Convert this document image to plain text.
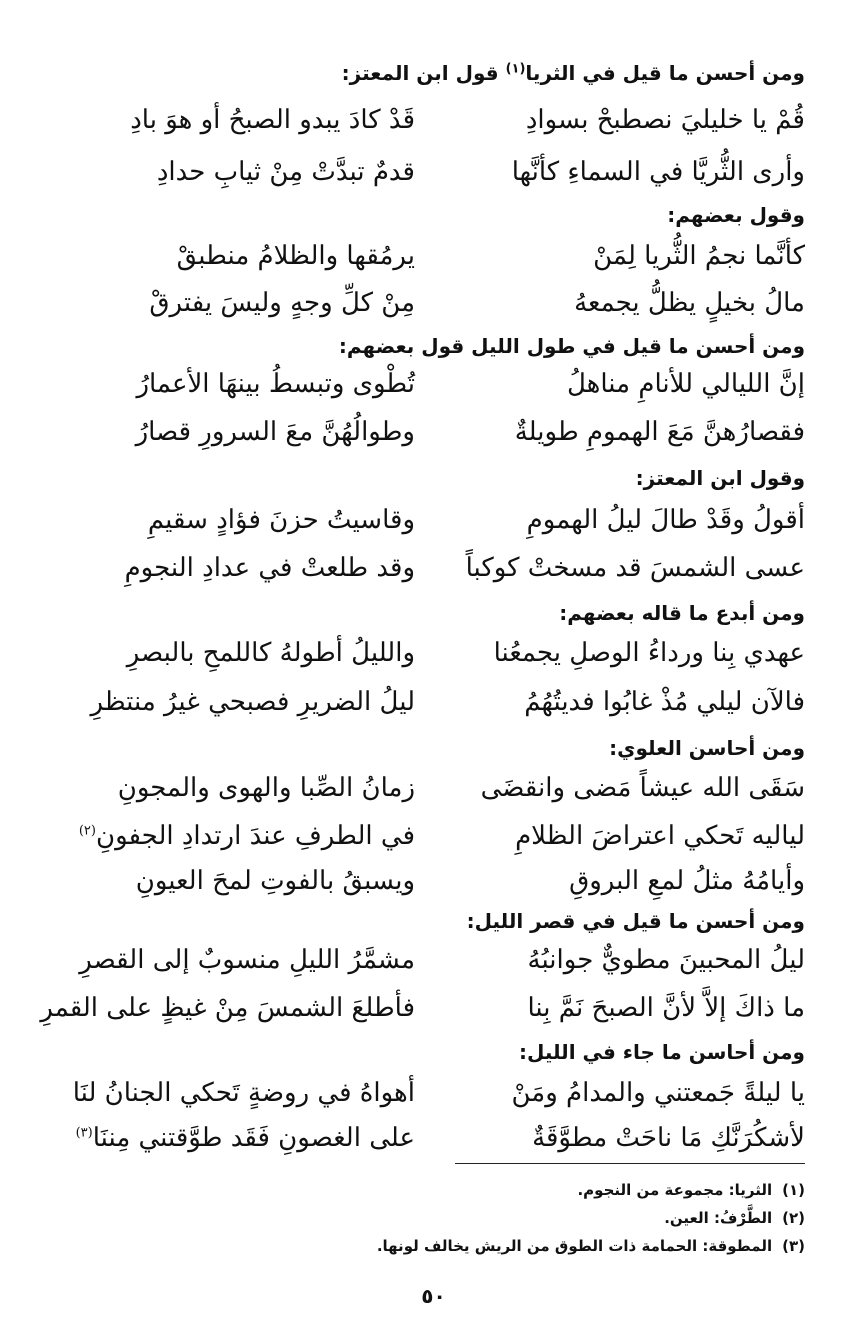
ومن أحسن ما قيل في الثريا$^{(١)}$ قول ابن المعتز:
قُمْ يا خليليَ نصطبحْ بسوادِ
قَدْ كادَ يبدو الصبحُ أو هوَ بادِ
وأرى الثُّريَّا في السماءِ كأنَّها
قدمٌ تبدَّتْ مِنْ ثيابِ حدادِ
وقول بعضهم:
كأنَّما نجمُ الثُّريا لِمَنْ
يرمُقها والظلامُ منطبقْ
مالُ بخيلٍ يظلُّ يجمعهُ
مِنْ كلِّ وجهٍ وليسَ يفترقْ
ومن أحسن ما قيل في طول الليل قول بعضهم:
إنَّ الليالي للأنامِ مناهلُ
تُطْوى وتبسطُ بينهَا الأعمارُ
فقصارُهنَّ مَعَ الهمومِ طويلةٌ
وطوالُهُنَّ معَ السرورِ قصارُ
وقول ابن المعتز:
أقولُ وقَدْ طالَ ليلُ الهمومِ
وقاسيتُ حزنَ فؤادٍ سقيمِ
عسى الشمسَ قد مسختْ كوكباً
وقد طلعتْ في عدادِ النجومِ
ومن أبدع ما قاله بعضهم:
عهدي بِنا ورداءُ الوصلِ يجمعُنا
والليلُ أطولهُ كاللمحِ بالبصرِ
فالآن ليلي مُذْ غابُوا فديتُهُمُ
ليلُ الضريرِ فصبحي غيرُ منتظرِ
ومن أحاسن العلوي:
سَقَى الله عيشاً مَضى وانقضَى
زمانُ الصِّبا والهوى والمجونِ
لياليه تَحكي اعتراضَ الظلامِ
في الطرفِ عندَ ارتدادِ الجفونِ$^{(٢)}$
وأيامُهُ مثلُ لمعِ البروقِ
ويسبقُ بالفوتِ لمحَ العيونِ
ومن أحسن ما قيل في قصر الليل:
ليلُ المحبينَ مطويٌّ جوانبُهُ
مشمَّرُ الليلِ منسوبٌ إلى القصرِ
ما ذاكَ إلاَّ لأنَّ الصبحَ نَمَّ بِنا
فأطلعَ الشمسَ مِنْ غيظٍ على القمرِ
ومن أحاسن ما جاء في الليل:
يا ليلةً جَمعتني والمدامُ ومَنْ
أهواهُ في روضةٍ تَحكي الجنانُ لنَا
لأشكُرَنَّكِ مَا ناحَتْ مطوَّقَةٌ
على الغصونِ فَقَد طوَّقتني مِننَا$^{(٣)}$
(١)الثريا: مجموعة من النجوم.
(٢)الطَّرْفُ: العين.
(٣)المطوقة: الحمامة ذات الطوق من الريش يخالف لونها.
٥٠
